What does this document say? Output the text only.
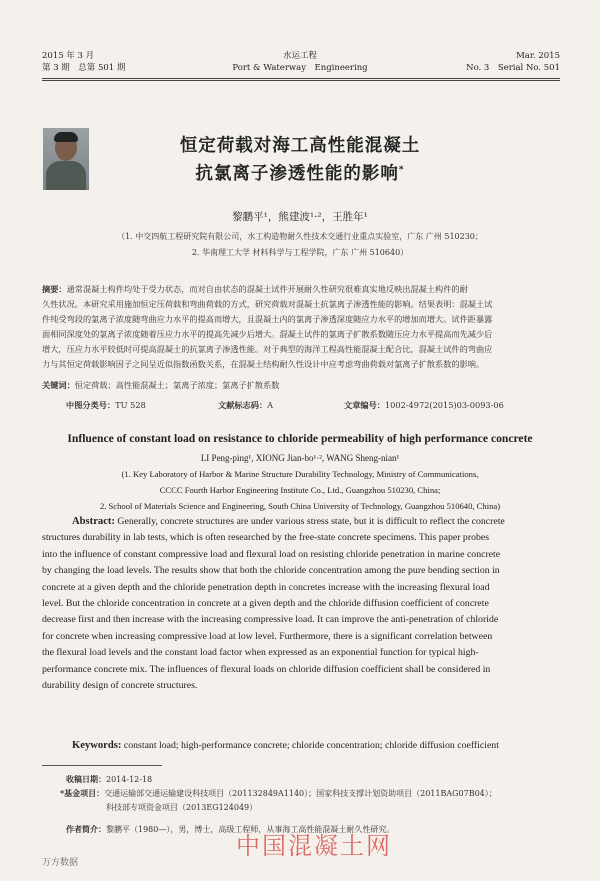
2015 年 3 月
第 3 期　总第 501 期
水运工程
Port & Waterway　Engineering
Mar. 2015
No. 3　Serial No. 501
恒定荷载对海工高性能混凝土
抗氯离子渗透性能的影响*
黎鹏平¹，熊建波¹·²，王胜年¹
（1. 中交四航工程研究院有限公司，水工构造物耐久性技术交通行业重点实验室，广东 广州 510230；
2. 华南理工大学 材料科学与工程学院，广东 广州 510640）
摘要：通常混凝土构件均处于受力状态，而对自由状态的混凝土试件开展耐久性研究很难真实地反映出混凝土构件的耐
久性状况。本研究采用施加恒定压荷载和弯曲荷载的方式，研究荷载对混凝土抗氯离子渗透性能的影响。结果表明：混凝土试
件纯受弯段的氯离子浓度随弯曲应力水平的提高而增大，且混凝土内的氯离子渗透深度随应力水平的增加而增大。试件距暴露
面相同深度处的氯离子浓度随着压应力水平的提高先减少后增大。混凝土试件的氯离子扩散系数随压应力水平提高而先减少后
增大，压应力水平较低时可提高混凝土的抗氯离子渗透性能。对于典型的海洋工程高性能混凝土配合比，混凝土试件的弯曲应
力与其恒定荷载影响因子之间呈近似指数函数关系，在混凝土结构耐久性设计中应考虑弯曲荷载对氯离子扩散系数的影响。
关键词：恒定荷载；高性能混凝土；氯离子浓度；氯离子扩散系数
中图分类号：TU 528	文献标志码：A	文章编号：1002-4972(2015)03-0093-06
Influence of constant load on resistance to chloride permeability of high performance concrete
LI Peng-ping¹, XIONG Jian-bo¹·², WANG Sheng-nian¹
(1. Key Laboratory of Harbor & Marine Structure Durability Technology, Ministry of Communications,
CCCC Fourth Harbor Engineering Institute Co., Ltd., Guangzhou 510230, China;
2. School of Materials Science and Engineering, South China University of Technology, Guangzhou 510640, China)
Abstract: Generally, concrete structures are under various stress state, but it is difficult to reflect the concrete
structures durability in lab tests, which is often researched by the free-state concrete specimens. This paper probes
into the influence of constant compressive load and flexural load on resisting chloride penetration in marine concrete
by changing the load levels. The results show that both the chloride concentration among the pure bending section in
concrete at a given depth and the chloride penetration depth in concretes increase with the increasing flexural load
level. But the chloride concentration in concrete at a given depth and the chloride diffusion coefficient of concrete
decrease first and then increase with the increasing compressive load. It can improve the anti-penetration of chloride
for concrete when increasing compressive load at low level. Furthermore, there is a significant correlation between
the flexural load levels and the constant load factor when expressed as an exponential function for typical high-
performance concrete mix. The influences of flexural loads on chloride diffusion coefficient shall be considered in
durability design of concrete structures.
Keywords: constant load; high-performance concrete; chloride concentration; chloride diffusion coefficient
收稿日期：2014-12-18
*基金项目：交通运输部交通运输建设科技项目（201132849A1140）；国家科技支撑计划资助项目（2011BAG07B04）；
科技部专项资金项目（2013EG124049）
作者简介：黎鹏平（1980—），男，博士，高级工程师，从事海工高性能混凝土耐久性研究。
中国混凝土网
万方数据
